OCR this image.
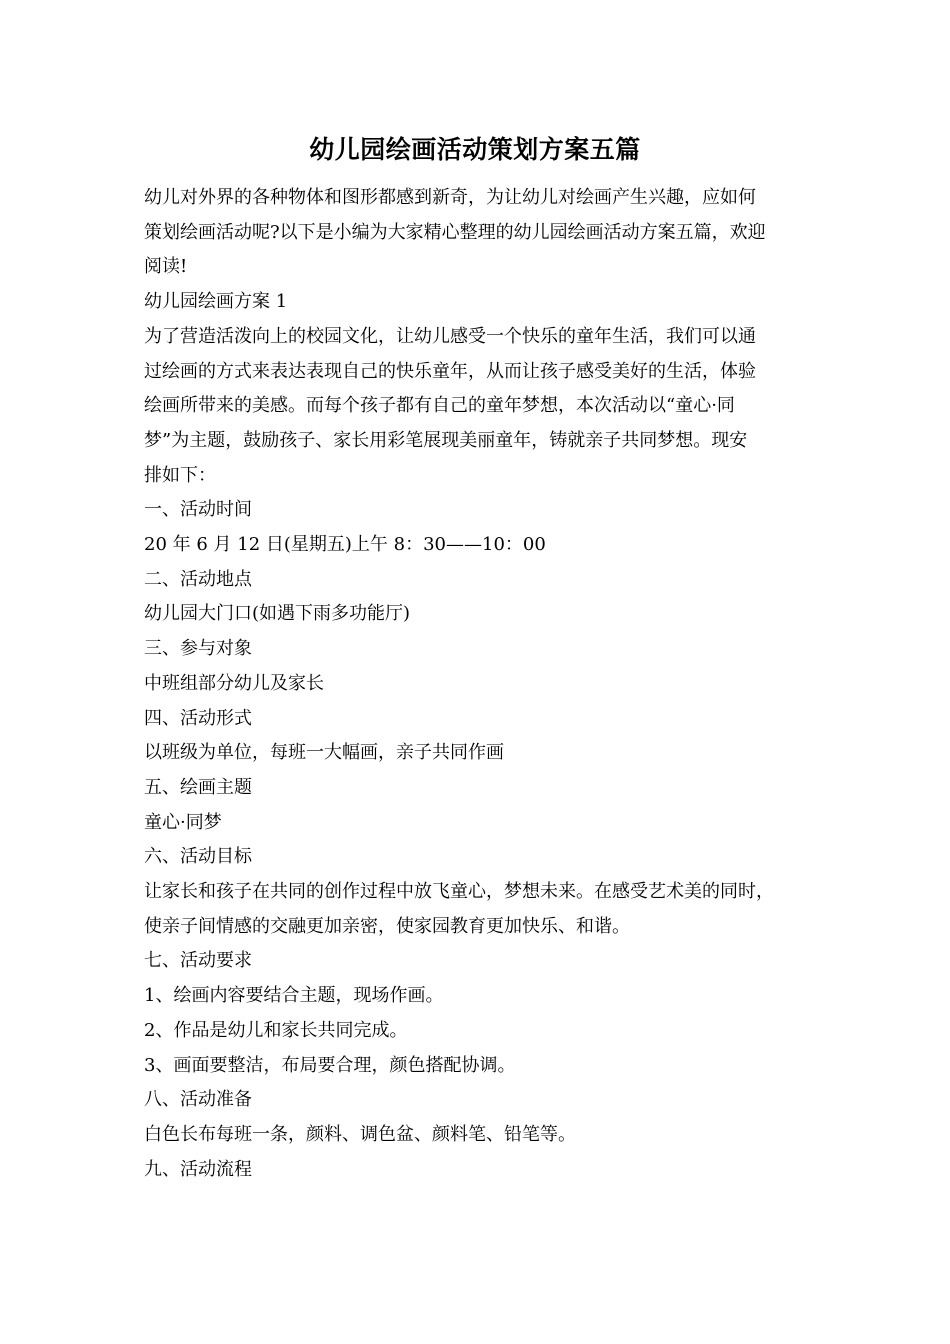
幼儿园绘画活动策划方案五篇
幼儿对外界的各种物体和图形都感到新奇，为让幼儿对绘画产生兴趣，应如何
策划绘画活动呢?以下是小编为大家精心整理的幼儿园绘画活动方案五篇，欢迎
阅读!
幼儿园绘画方案 1
为了营造活泼向上的校园文化，让幼儿感受一个快乐的童年生活，我们可以通
过绘画的方式来表达表现自己的快乐童年，从而让孩子感受美好的生活，体验
绘画所带来的美感。而每个孩子都有自己的童年梦想，本次活动以“童心·同
梦”为主题，鼓励孩子、家长用彩笔展现美丽童年，铸就亲子共同梦想。现安
排如下：
一、活动时间
20 年 6 月 12 日(星期五)上午 8：30——10：00
二、活动地点
幼儿园大门口(如遇下雨多功能厅)
三、参与对象
中班组部分幼儿及家长
四、活动形式
以班级为单位，每班一大幅画，亲子共同作画
五、绘画主题
童心·同梦
六、活动目标
让家长和孩子在共同的创作过程中放飞童心，梦想未来。在感受艺术美的同时，
使亲子间情感的交融更加亲密，使家园教育更加快乐、和谐。
七、活动要求
1、绘画内容要结合主题，现场作画。
2、作品是幼儿和家长共同完成。
3、画面要整洁，布局要合理，颜色搭配协调。
八、活动准备
白色长布每班一条，颜料、调色盆、颜料笔、铅笔等。
九、活动流程
